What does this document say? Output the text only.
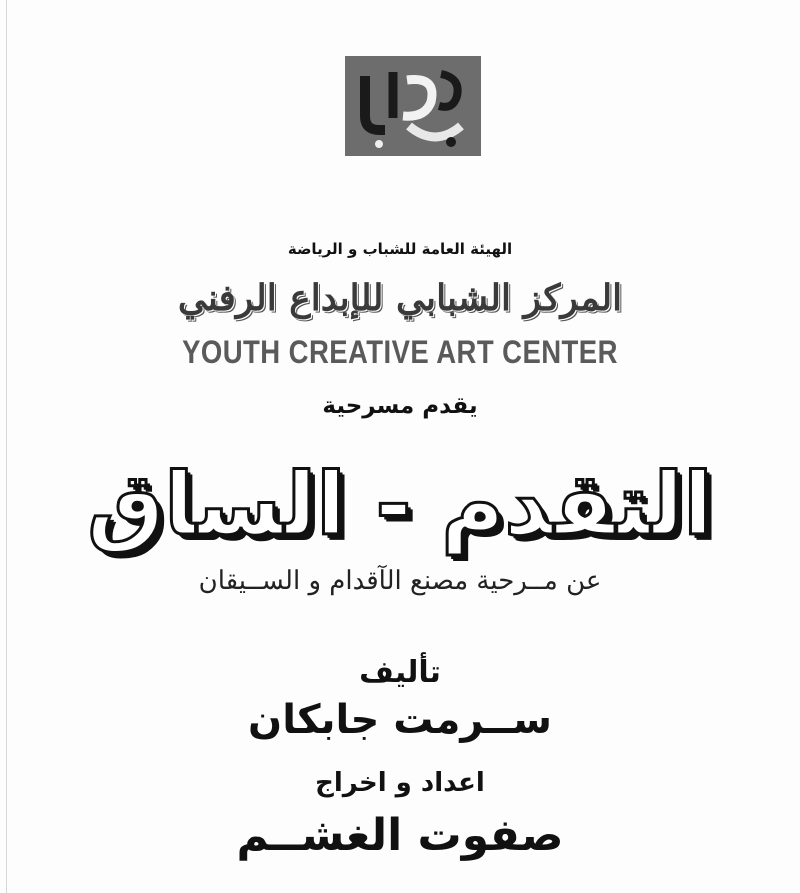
الهيئة العامة للشباب و الرياضة
المركز الشبابي للإبداع الرفني
YOUTH CREATIVE ART CENTER
يقدم مسرحية
التقدم - الساق
عن مــرحية مصنع الآقدام و الســيقان
تأليف
ســرمت جابكان
اعداد و اخراج
صفوت الغشــم
